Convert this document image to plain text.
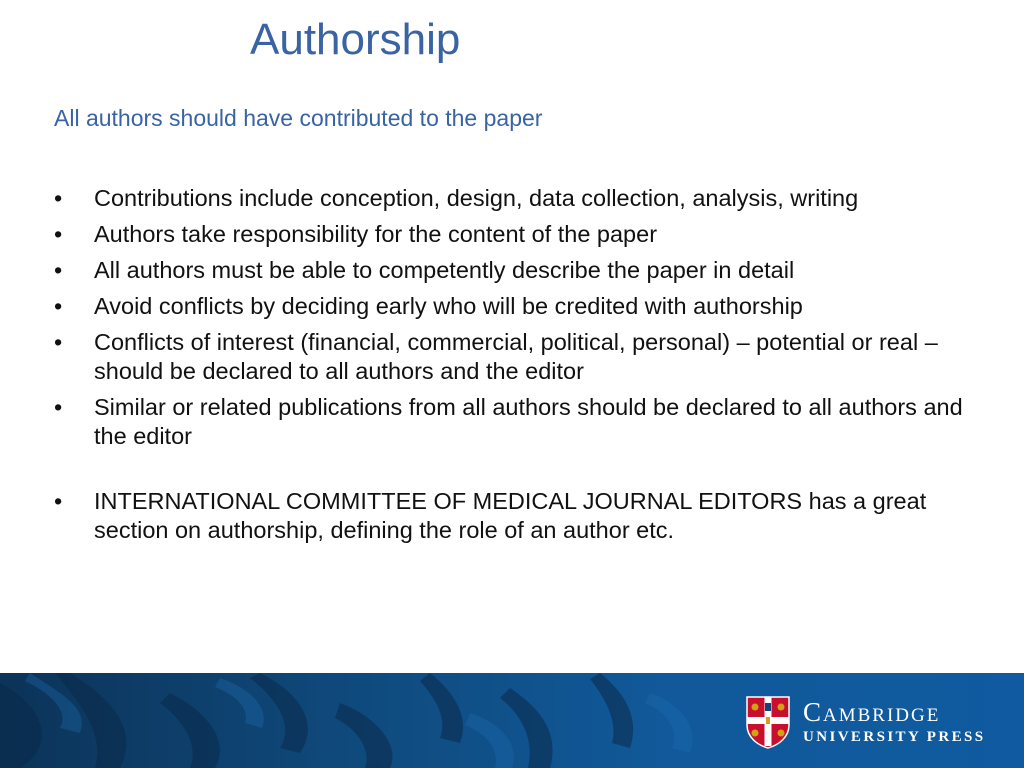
Authorship
All authors should have contributed to the paper
•	Contributions include conception, design, data collection, analysis, writing
•	Authors take responsibility for the content of the paper
•	All authors must be able to competently describe the paper in detail
•	Avoid conflicts by deciding early who will be credited with authorship
•	Conflicts of interest (financial, commercial, political, personal) – potential or real – should be declared to all authors and the editor
•	Similar or related publications from all authors should be declared to all authors and the editor
•	INTERNATIONAL COMMITTEE OF MEDICAL JOURNAL EDITORS has a great section on authorship, defining the role of an author etc.
Cambridge
UNIVERSITY PRESS
